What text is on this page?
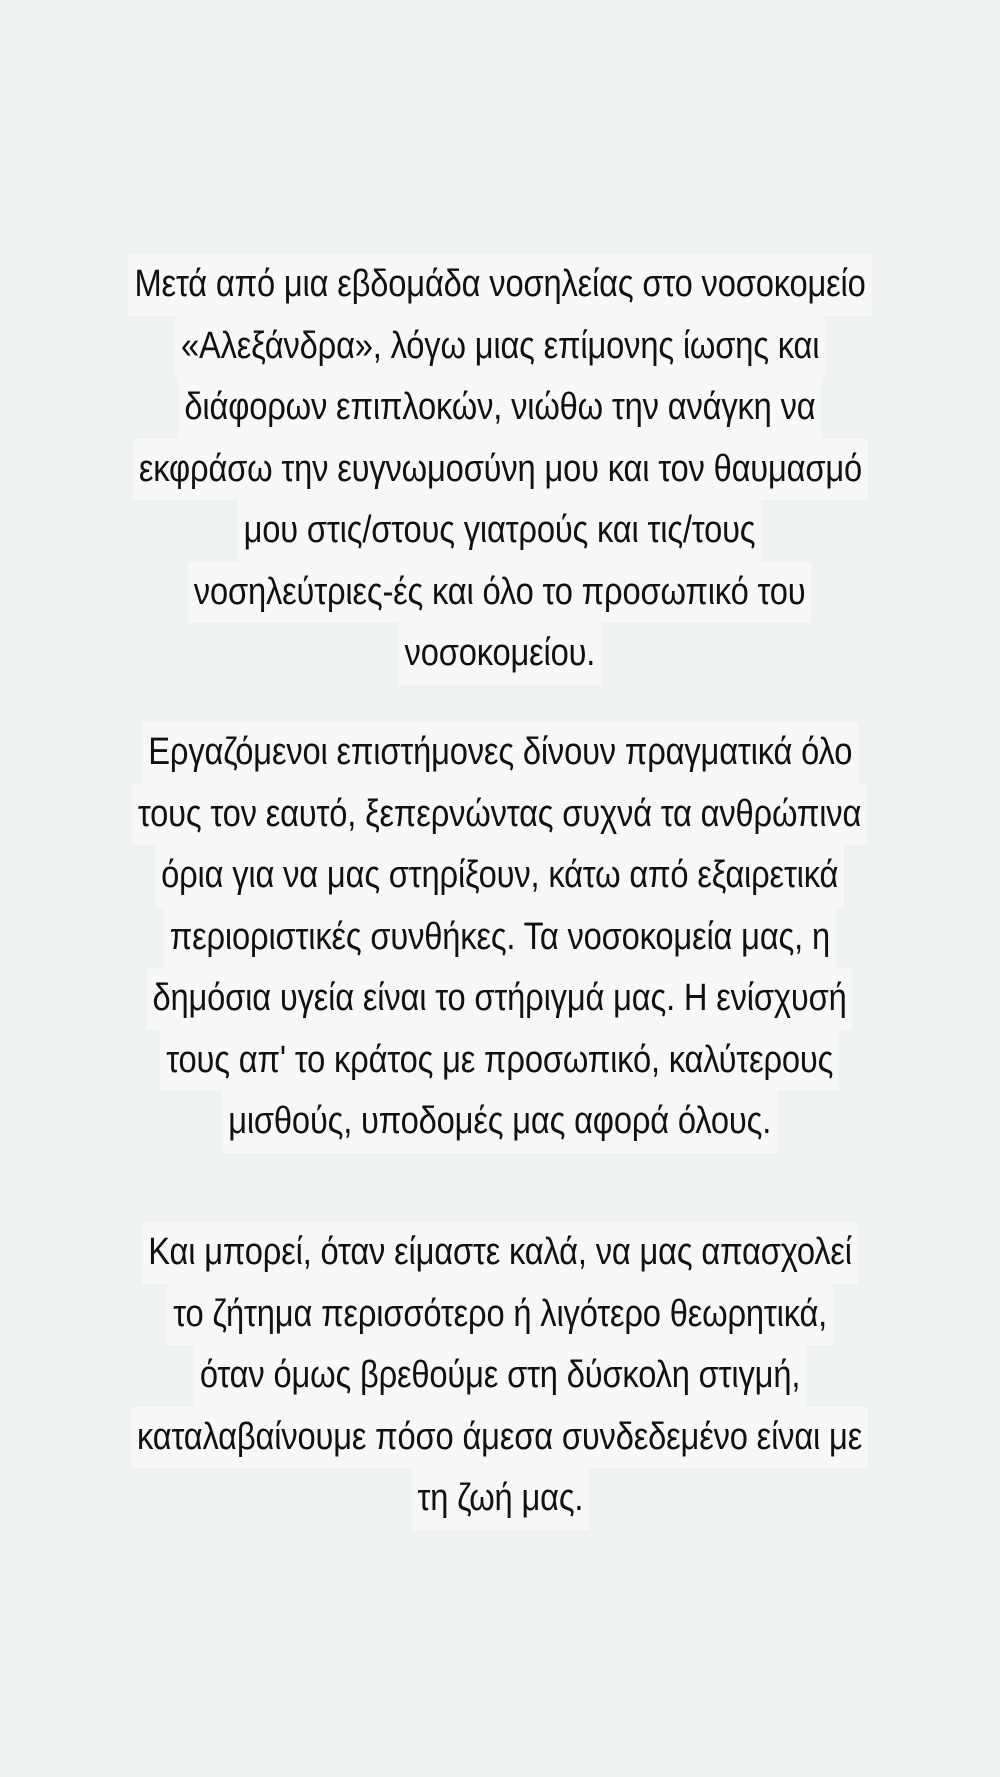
Μετά από μια εβδομάδα νοσηλείας στο νοσοκομείο
«Αλεξάνδρα», λόγω μιας επίμονης ίωσης και
διάφορων επιπλοκών, νιώθω την ανάγκη να
εκφράσω την ευγνωμοσύνη μου και τον θαυμασμό
μου στις/στους γιατρούς και τις/τους
νοσηλεύτριες-ές και όλο το προσωπικό του
νοσοκομείου.
Εργαζόμενοι επιστήμονες δίνουν πραγματικά όλο
τους τον εαυτό, ξεπερνώντας συχνά τα ανθρώπινα
όρια για να μας στηρίξουν, κάτω από εξαιρετικά
περιοριστικές συνθήκες. Τα νοσοκομεία μας, η
δημόσια υγεία είναι το στήριγμά μας. Η ενίσχυσή
τους απ' το κράτος με προσωπικό, καλύτερους
μισθούς, υποδομές μας αφορά όλους.
Και μπορεί, όταν είμαστε καλά, να μας απασχολεί
το ζήτημα περισσότερο ή λιγότερο θεωρητικά,
όταν όμως βρεθούμε στη δύσκολη στιγμή,
καταλαβαίνουμε πόσο άμεσα συνδεδεμένο είναι με
τη ζωή μας.
